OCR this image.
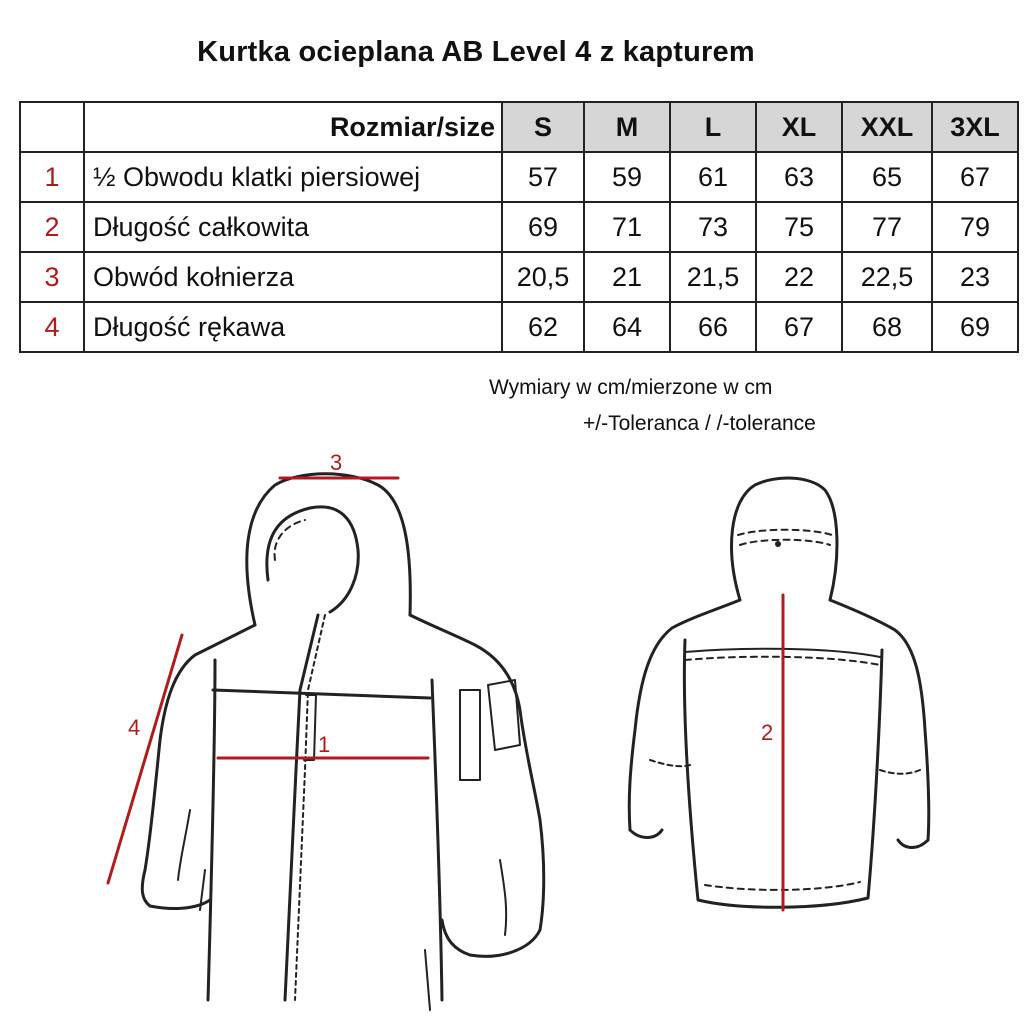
Kurtka ocieplana AB Level 4 z kapturem
	Rozmiar/size	S	M	L	XL	XXL	3XL
1	½ Obwodu klatki piersiowej	57	59	61	63	65	67
2	Długość całkowita	69	71	73	75	77	79
3	Obwód kołnierza	20,5	21	21,5	22	22,5	23
4	Długość rękawa	62	64	66	67	68	69
Wymiary w cm/mierzone w cm
+/-Toleranca / /-tolerance
3
1
4	2
